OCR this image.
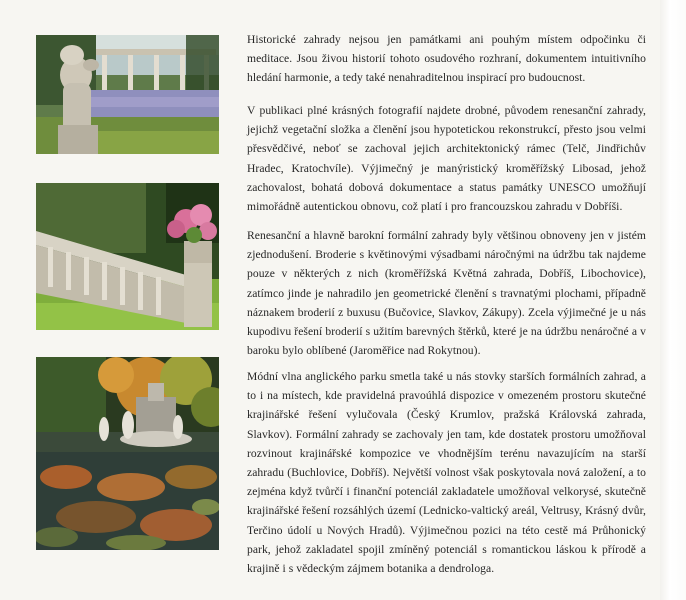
Historické zahrady nejsou jen památkami ani pouhým místem odpočinku či meditace. Jsou živou historií tohoto osudového rozhraní, dokumentem intuitivního hledání harmonie, a tedy také nenahraditelnou inspirací pro budoucnost.

V publikaci plné krásných fotografií najdete drobné, původem renesanční zahrady, jejichž vegetační složka a členění jsou hypotetickou rekonstrukcí, přesto jsou velmi přesvědčivé, neboť se zachoval jejich architektonický rámec (Telč, Jindřichův Hradec, Kratochvíle). Výjimečný je manýristický kroměřížský Libosad, jehož zachovalost, bohatá dobová dokumentace a status památky UNESCO umožňují mimořádně autentickou obnovu, což platí i pro francouzskou zahradu v Dobříši.

Renesanční a hlavně barokní formální zahrady byly většinou obnoveny jen v jistém zjednodušení. Broderie s květinovými výsadbami náročnými na údržbu tak najdeme pouze v některých z nich (kroměřížská Květná zahrada, Dobříš, Libochovice), zatímco jinde je nahradilo jen geometrické členění s travnatými plochami, případně náznakem broderií z buxusu (Bučovice, Slavkov, Zákupy). Zcela výjimečné je u nás kupodivu řešení broderií s užitím barevných štěrků, které je na údržbu nenáročné a v baroku bylo oblíbené (Jaroměřice nad Rokytnou).

Módní vlna anglického parku smetla také u nás stovky starších formálních zahrad, a to i na místech, kde pravidelná pravoúhlá dispozice v omezeném prostoru skutečné krajinářské řešení vylučovala (Český Krumlov, pražská Královská zahrada, Slavkov). Formální zahrady se zachovaly jen tam, kde dostatek prostoru umožňoval rozvinout krajinářské kompozice ve vhodnějším terénu navazujícím na starší zahradu (Buchlovice, Dobříš). Největší volnost však poskytovala nová založení, a to zejména když tvůrčí i finanční potenciál zakladatele umožňoval velkorysé, skutečně krajinářské řešení rozsáhlých území (Lednicko-valtický areál, Veltrusy, Krásný dvůr, Terčino údolí u Nových Hradů). Výjimečnou pozici na této cestě má Průhonický park, jehož zakladatel spojil zmíněný potenciál s romantickou láskou k přírodě a krajině i s vědeckým zájmem botanika a dendrologa.
